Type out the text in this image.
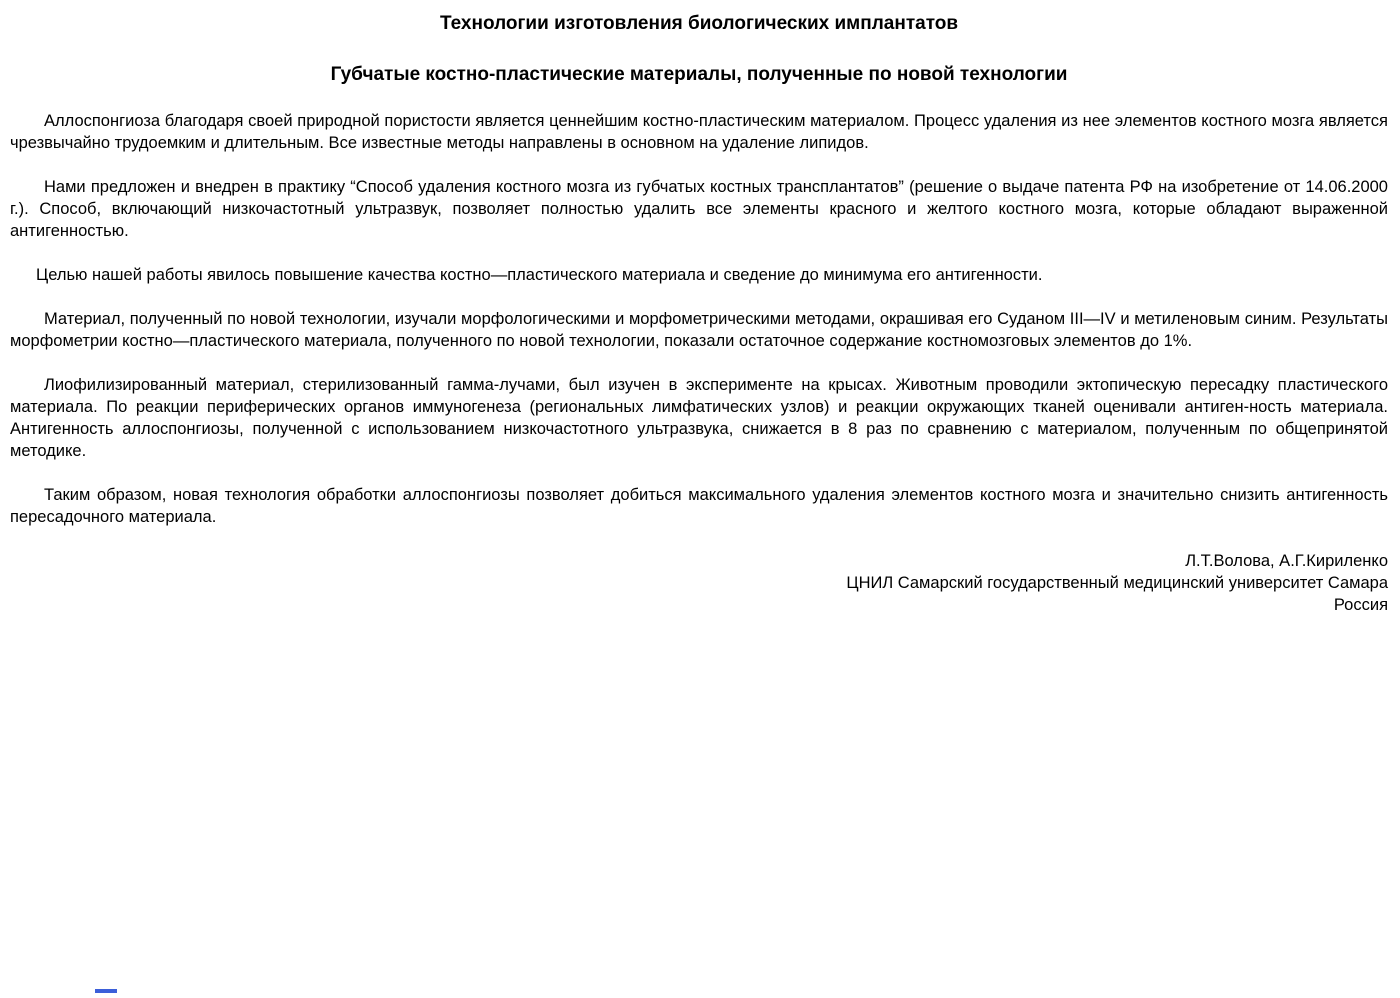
Технологии изготовления биологических имплантатов
Губчатые костно-пластические материалы, полученные по новой технологии

Аллоспонгиоза благодаря своей природной пористости является ценнейшим костно-пластическим материалом. Процесс удаления из нее элементов костного мозга является чрезвычайно трудоемким и длительным. Все известные методы направлены в основном на удаление липидов.

Нами предложен и внедрен в практику “Способ удаления костного мозга из губчатых костных трансплантатов” (решение о выдаче патента РФ на изобретение от 14.06.2000 г.). Способ, включающий низкочастотный ультразвук, позволяет полностью удалить все элементы красного и желтого костного мозга, которые обладают выраженной антигенностью.

Целью нашей работы явилось повышение качества костно—пластического материала и сведение до минимума его антигенности.

Материал, полученный по новой технологии, изучали морфологическими и морфометрическими методами, окрашивая его Суданом III—IV и метиленовым синим. Результаты морфометрии костно—пластического материала, полученного по новой технологии, показали остаточное содержание костномозговых элементов до 1%.

Лиофилизированный материал, стерилизованный гамма-лучами, был изучен в эксперименте на крысах. Животным проводили эктопическую пересадку пластического материала. По реакции периферических органов иммуногенеза (региональных лимфатических узлов) и реакции окружающих тканей оценивали антиген-ность материала. Антигенность аллоспонгиозы, полученной с использованием низкочастотного ультразвука, снижается в 8 раз по сравнению с материалом, полученным по общепринятой методике.

Таким образом, новая технология обработки аллоспонгиозы позволяет добиться максимального удаления элементов костного мозга и значительно снизить антигенность пересадочного материала.

Л.Т.Волова, А.Г.Кириленко
ЦНИЛ Самарский государственный медицинский университет Самара
Россия
